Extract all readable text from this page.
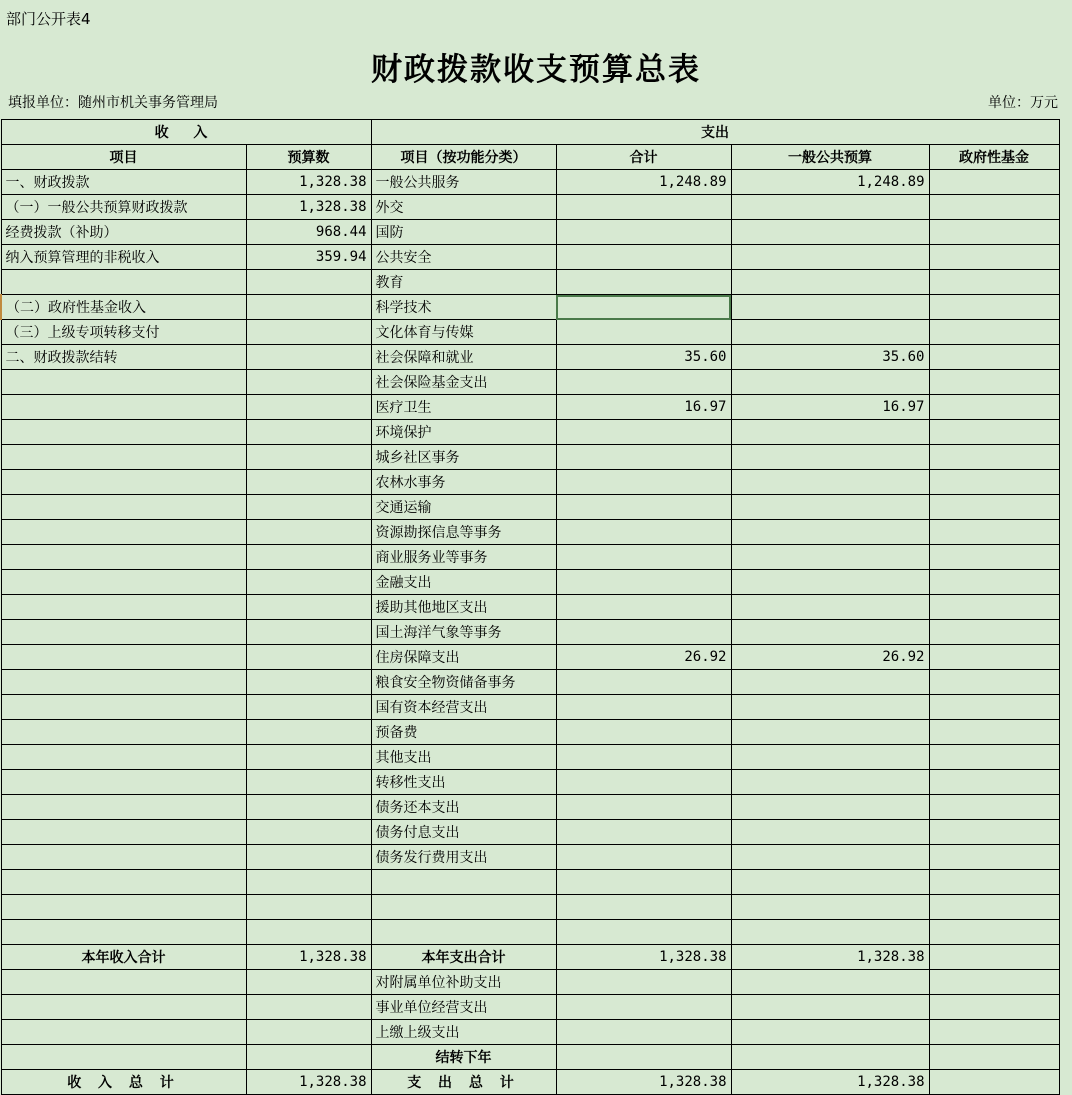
部门公开表4
财政拨款收支预算总表
填报单位：随州市机关事务管理局	单位：万元
收 入		支出			
项目	预算数	项目（按功能分类）	合计	一般公共预算	政府性基金
一、财政拨款	1,328.38	一般公共服务	1,248.89	1,248.89	
（一）一般公共预算财政拨款	1,328.38	外交			
经费拨款（补助）	968.44	国防			
纳入预算管理的非税收入	359.94	公共安全			
		教育			
（二）政府性基金收入		科学技术			
（三）上级专项转移支付		文化体育与传媒			
二、财政拨款结转		社会保障和就业	35.60	35.60	
		社会保险基金支出			
		医疗卫生	16.97	16.97	
		环境保护			
		城乡社区事务			
		农林水事务			
		交通运输			
		资源勘探信息等事务			
		商业服务业等事务			
		金融支出			
		援助其他地区支出			
		国土海洋气象等事务			
		住房保障支出	26.92	26.92	
		粮食安全物资储备事务			
		国有资本经营支出			
		预备费			
		其他支出			
		转移性支出			
		债务还本支出			
		债务付息支出			
		债务发行费用支出			

本年收入合计	1,328.38	本年支出合计	1,328.38	1,328.38	
		对附属单位补助支出			
		事业单位经营支出			
		上缴上级支出			
		结转下年			
收 入 总 计	1,328.38	支 出 总 计	1,328.38	1,328.38	
